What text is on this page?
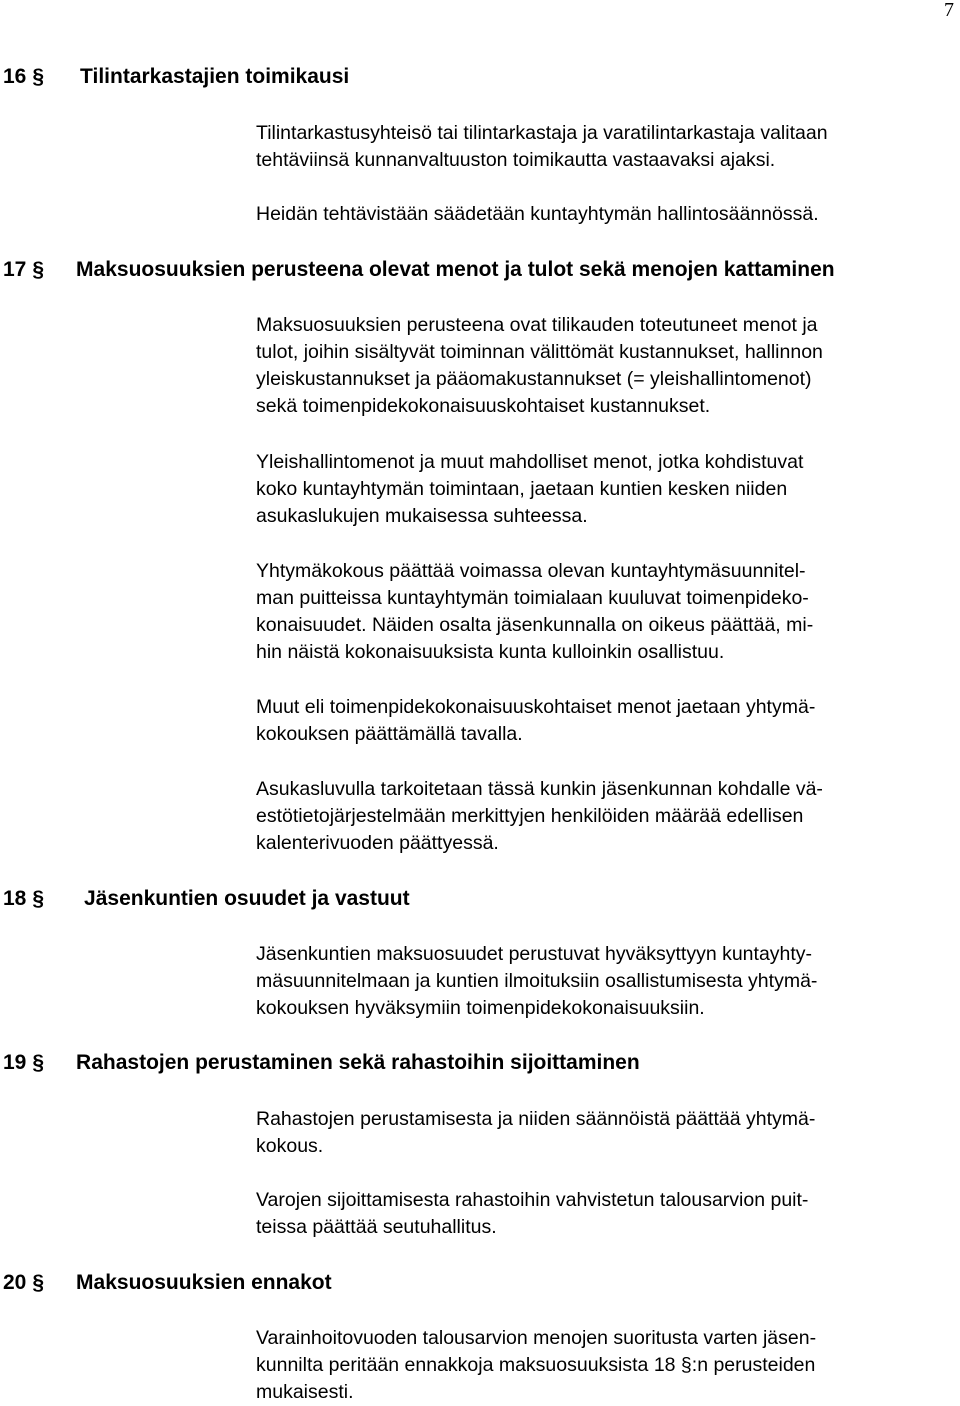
7
16 § Tilintarkastajien toimikausi
Tilintarkastusyhteisö tai tilintarkastaja ja varatilintarkastaja valitaan
tehtäviinsä kunnanvaltuuston toimikautta vastaavaksi ajaksi.
Heidän tehtävistään säädetään kuntayhtymän hallintosäännössä.
17 § Maksuosuuksien perusteena olevat menot ja tulot sekä menojen kattaminen
Maksuosuuksien perusteena ovat tilikauden toteutuneet menot ja
tulot, joihin sisältyvät toiminnan välittömät kustannukset, hallinnon
yleiskustannukset ja pääomakustannukset (= yleishallintomenot)
sekä toimenpidekokonaisuuskohtaiset kustannukset.
Yleishallintomenot ja muut mahdolliset menot, jotka kohdistuvat
koko kuntayhtymän toimintaan, jaetaan kuntien kesken niiden
asukaslukujen mukaisessa suhteessa.
Yhtymäkokous päättää voimassa olevan kuntayhtymäsuunnitel-
man puitteissa kuntayhtymän toimialaan kuuluvat toimenpideko-
konaisuudet. Näiden osalta jäsenkunnalla on oikeus päättää, mi-
hin näistä kokonaisuuksista kunta kulloinkin osallistuu.
Muut eli toimenpidekokonaisuuskohtaiset menot jaetaan yhtymä-
kokouksen päättämällä tavalla.
Asukasluvulla tarkoitetaan tässä kunkin jäsenkunnan kohdalle vä-
estötietojärjestelmään merkittyjen henkilöiden määrää edellisen
kalenterivuoden päättyessä.
18 § Jäsenkuntien osuudet ja vastuut
Jäsenkuntien maksuosuudet perustuvat hyväksyttyyn kuntayhty-
mäsuunnitelmaan ja kuntien ilmoituksiin osallistumisesta yhtymä-
kokouksen hyväksymiin toimenpidekokonaisuuksiin.
19 § Rahastojen perustaminen sekä rahastoihin sijoittaminen
Rahastojen perustamisesta ja niiden säännöistä päättää yhtymä-
kokous.
Varojen sijoittamisesta rahastoihin vahvistetun talousarvion puit-
teissa päättää seutuhallitus.
20 § Maksuosuuksien ennakot
Varainhoitovuoden talousarvion menojen suoritusta varten jäsen-
kunnilta peritään ennakkoja maksuosuuksista 18 §:n perusteiden
mukaisesti.
